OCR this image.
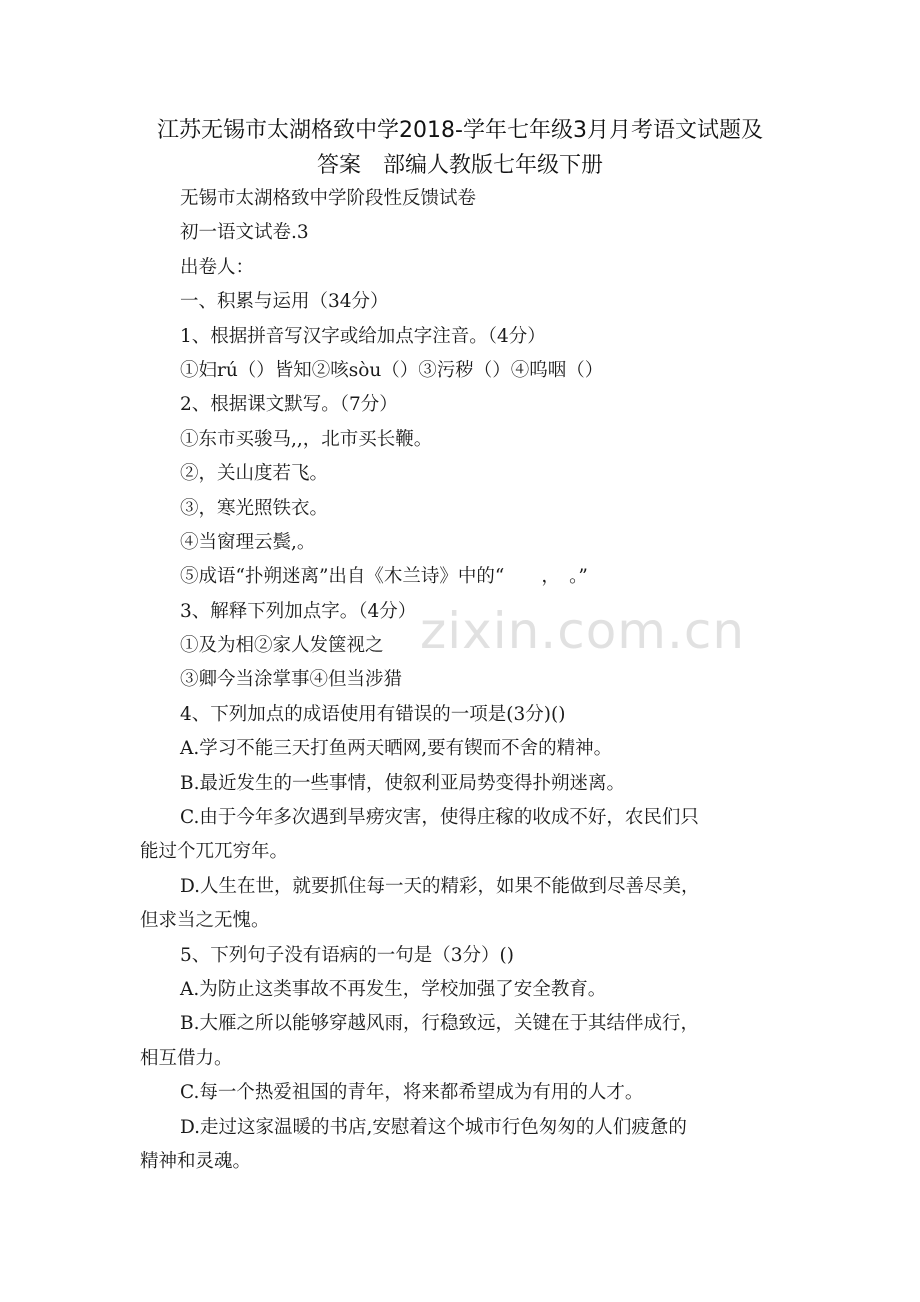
江苏无锡市太湖格致中学2018-学年七年级3月月考语文试题及
答案　部编人教版七年级下册
无锡市太湖格致中学阶段性反馈试卷
初一语文试卷.3
出卷人：
一、积累与运用（34分）
1、根据拼音写汉字或给加点字注音。（4分）
①妇rú（）皆知②咳sòu（）③污秽（）④呜咽（）
2、根据课文默写。（7分）
①东市买骏马,,，北市买长鞭。
②，关山度若飞。
③，寒光照铁衣。
④当窗理云鬓,。
⑤成语“扑朔迷离”出自《木兰诗》中的“　　，　。”
3、解释下列加点字。（4分）
①及为相②家人发箧视之
③卿今当涂掌事④但当涉猎
4、下列加点的成语使用有错误的一项是(3分)()
A.学习不能三天打鱼两天晒网,要有锲而不舍的精神。
B.最近发生的一些事情，使叙利亚局势变得扑朔迷离。
C.由于今年多次遇到旱痨灾害，使得庄稼的收成不好，农民们只
能过个兀兀穷年。
D.人生在世，就要抓住每一天的精彩，如果不能做到尽善尽美，
但求当之无愧。
5、下列句子没有语病的一句是（3分）()
A.为防止这类事故不再发生，学校加强了安全教育。
B.大雁之所以能够穿越风雨，行稳致远，关键在于其结伴成行，
相互借力。
C.每一个热爱祖国的青年，将来都希望成为有用的人才。
D.走过这家温暖的书店,安慰着这个城市行色匆匆的人们疲惫的
精神和灵魂。
zixin.com.cn
